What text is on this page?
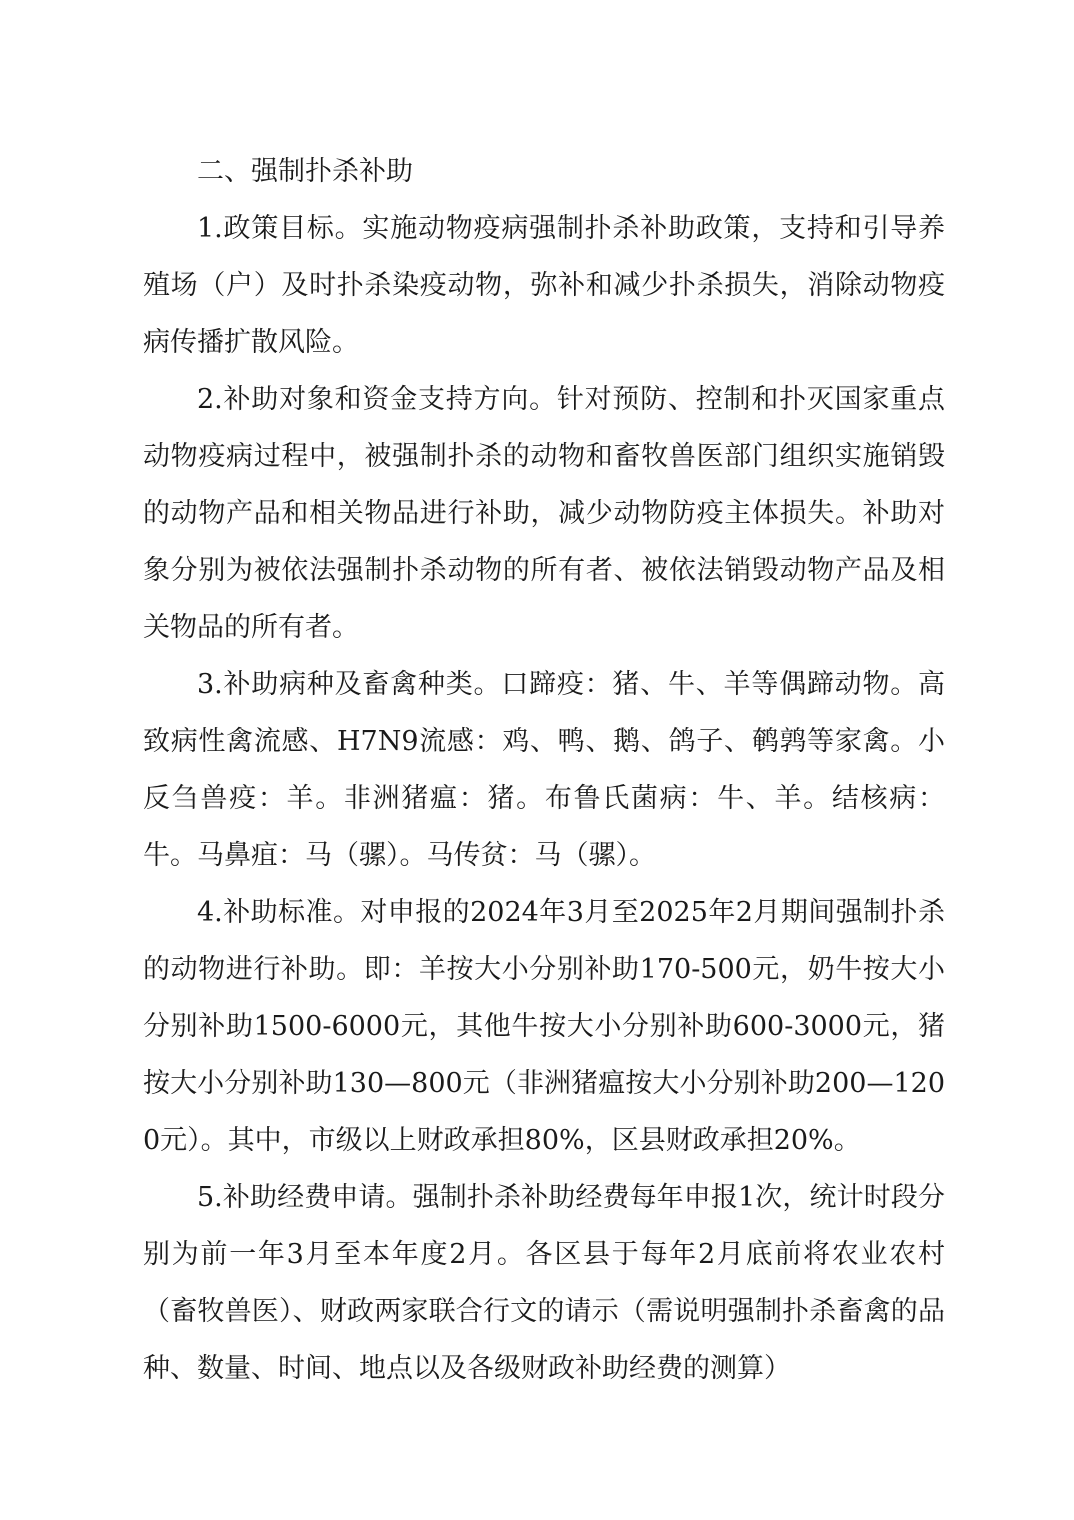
二、强制扑杀补助

1.政策目标。实施动物疫病强制扑杀补助政策，支持和引导养殖场（户）及时扑杀染疫动物，弥补和减少扑杀损失，消除动物疫病传播扩散风险。

2.补助对象和资金支持方向。针对预防、控制和扑灭国家重点动物疫病过程中，被强制扑杀的动物和畜牧兽医部门组织实施销毁的动物产品和相关物品进行补助，减少动物防疫主体损失。补助对象分别为被依法强制扑杀动物的所有者、被依法销毁动物产品及相关物品的所有者。

3.补助病种及畜禽种类。口蹄疫：猪、牛、羊等偶蹄动物。高致病性禽流感、H7N9流感：鸡、鸭、鹅、鸽子、鹌鹑等家禽。小反刍兽疫：羊。非洲猪瘟：猪。布鲁氏菌病：牛、羊。结核病：牛。马鼻疽：马（骡）。马传贫：马（骡）。

4.补助标准。对申报的2024年3月至2025年2月期间强制扑杀的动物进行补助。即：羊按大小分别补助170-500元，奶牛按大小分别补助1500-6000元，其他牛按大小分别补助600-3000元，猪按大小分别补助130—800元（非洲猪瘟按大小分别补助200—1200元）。其中，市级以上财政承担80%，区县财政承担20%。

5.补助经费申请。强制扑杀补助经费每年申报1次，统计时段分别为前一年3月至本年度2月。各区县于每年2月底前将农业农村（畜牧兽医）、财政两家联合行文的请示（需说明强制扑杀畜禽的品种、数量、时间、地点以及各级财政补助经费的测算）
